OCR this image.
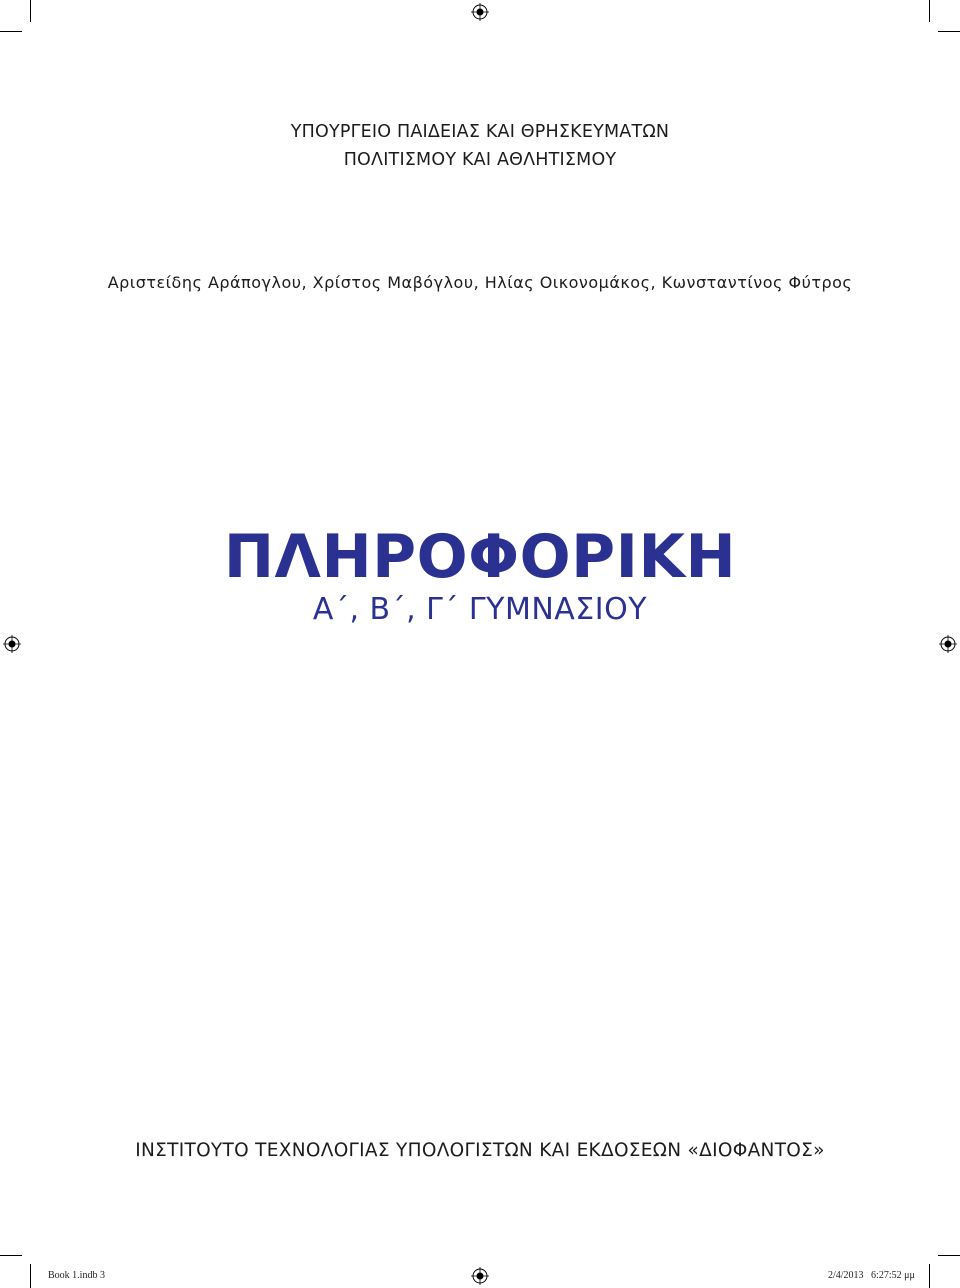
ΥΠΟΥΡΓΕΙΟ ΠΑΙΔΕΙΑΣ ΚΑΙ ΘΡΗΣΚΕΥΜΑΤΩΝ
ΠΟΛΙΤΙΣΜΟΥ ΚΑΙ ΑΘΛΗΤΙΣΜΟΥ
Αριστείδης Αράπογλου, Χρίστος Μαβόγλου, Ηλίας Οικονομάκος, Κωνσταντίνος Φύτρος
ΠΛΗΡΟΦΟΡΙΚΗ
Α΄, Β΄, Γ΄ ΓΥΜΝΑΣΙΟΥ
ΙΝΣΤΙΤΟΥΤΟ ΤΕΧΝΟΛΟΓΙΑΣ ΥΠΟΛΟΓΙΣΤΩΝ ΚΑΙ ΕΚΔΟΣΕΩΝ «ΔΙΟΦΑΝΤΟΣ»
Book 1.indb 3	2/4/2013   6:27:52 μμ
